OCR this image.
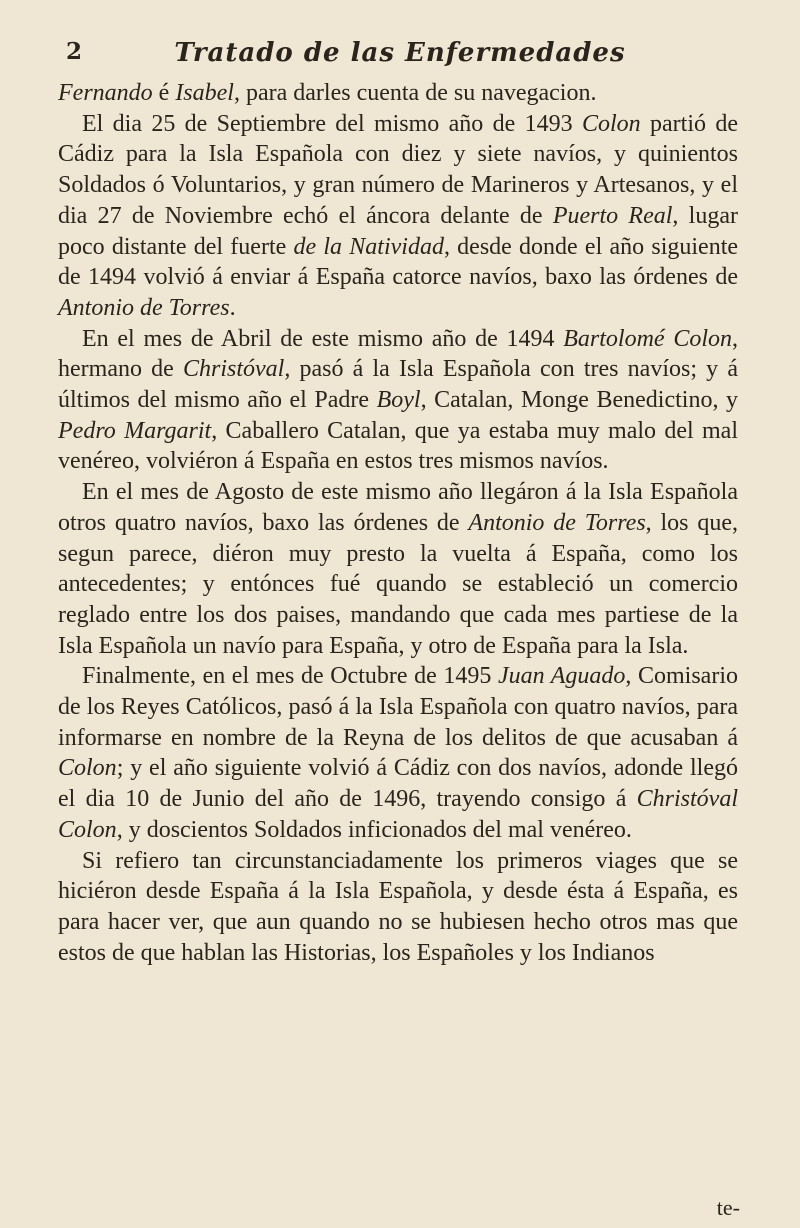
2	Tratado de las Enfermedades

Fernando é Isabel, para darles cuenta de su navegacion.

El dia 25 de Septiembre del mismo año de 1493 Colon partió de Cádiz para la Isla Española con diez y siete navíos, y quinientos Soldados ó Voluntarios, y gran número de Marineros y Artesanos, y el dia 27 de Noviembre echó el áncora delante de Puerto Real, lugar poco distante del fuerte de la Natividad, desde donde el año siguiente de 1494 volvió á enviar á España catorce navíos, baxo las órdenes de Antonio de Torres.

En el mes de Abril de este mismo año de 1494 Bartolomé Colon, hermano de Christóval, pasó á la Isla Española con tres navíos; y á últimos del mismo año el Padre Boyl, Catalan, Monge Benedictino, y Pedro Margarit, Caballero Catalan, que ya estaba muy malo del mal venéreo, volviéron á España en estos tres mismos navíos.

En el mes de Agosto de este mismo año llegáron á la Isla Española otros quatro navíos, baxo las órdenes de Antonio de Torres, los que, segun parece, diéron muy presto la vuelta á España, como los antecedentes; y entónces fué quando se estableció un comercio reglado entre los dos paises, mandando que cada mes partiese de la Isla Española un navío para España, y otro de España para la Isla.

Finalmente, en el mes de Octubre de 1495 Juan Aguado, Comisario de los Reyes Católicos, pasó á la Isla Española con quatro navíos, para informarse en nombre de la Reyna de los delitos de que acusaban á Colon; y el año siguiente volvió á Cádiz con dos navíos, adonde llegó el dia 10 de Junio del año de 1496, trayendo consigo á Christóval Colon, y doscientos Soldados inficionados del mal venéreo.

Si refiero tan circunstanciadamente los primeros viages que se hiciéron desde España á la Isla Española, y desde ésta á España, es para hacer ver, que aun quando no se hubiesen hecho otros mas que estos de que hablan las Historias, los Españoles y los Indianos

te-
